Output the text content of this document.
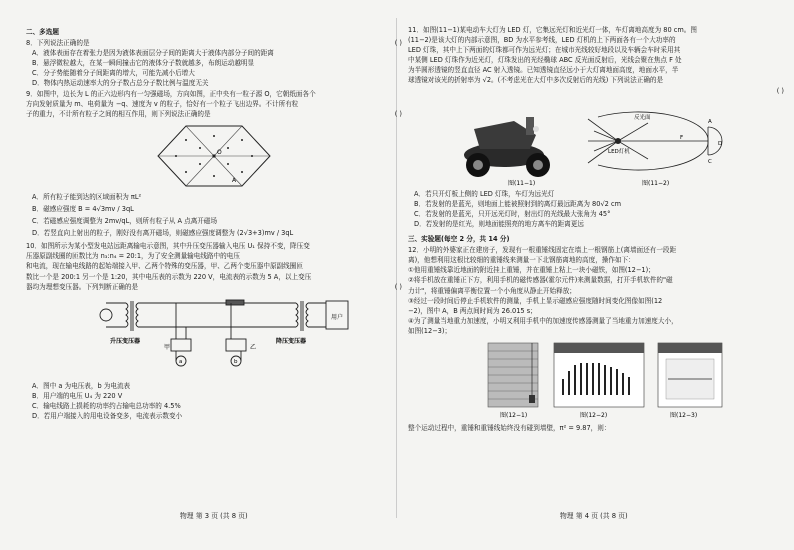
二、多选题
8．下列说法正确的是	( )
A．液体表面存在着张力是因为液体表面层分子间的距离大于液体内部分子间的距离
B．悬浮微粒越大，在某一瞬间撞击它的液体分子数就越多，布朗运动越明显
C．分子势能随着分子间距离的增大，可能先减小后增大
D．物体内热运动速率大的分子数占总分子数比例与温度无关
9．如图中，边长为 L 的正六边形内有一匀强磁场，方向如图，正中央有一粒子源 O，它朝纸面各个
方向发射质量为 m、电荷量为 −q、速度为 v 的粒子，恰好有一个粒子飞出边界。不计所有粒
子的重力，不计所有粒子之间的相互作用，则下列说法正确的是	( )
O
A
A．所有粒子能到达的区域面积为 πL²
B．磁感应强度 B = 4√3mv / 3qL
C．若磁感应强度调整为 2mv/qL，则所有粒子从 A 点离开磁场
D．若竖直向上射出的粒子，刚好没有离开磁场，则磁感应强度调整为 (2√3+3)mv / 3qL
10．如图所示为某小型发电站远距离输电示意图，其中升压变压器输入电压 U₁ 保持不变，降压变
压器原副线圈的匝数比为 n₃:n₄ = 20:1，为了安全测量输电线路中的电压
和电流，现在输电线路的起始端接入甲、乙两个特殊的变压器，甲、乙两个变压器中原副线圈匝
数比一个是 200:1 另一个是 1:20，其中电压表的示数为 220 V，电流表的示数为 5 A，以上变压
器均为理想变压器。下列判断正确的是	( )
a	b
用户
升压变压器	降压变压器
甲	乙
A．图中 a 为电压表，b 为电流表
B．用户端的电压 U₄ 为 220 V
C．输电线路上损耗的功率约占输电总功率的 4.5%
D．若用户端接入的用电设备变多，电流表示数变小
物理 第 3 页 (共 8 页)
11．如图(11−1)某电动车大灯为 LED 灯，它集远光灯和近光灯一体，车灯离地高度为 80 cm。图
(11−2)是该大灯的内部示意图，BD 为水平参考线，LED 灯机的上下两面各有一个大功率的
LED 灯珠，其中上下两面的灯珠都可作为远光灯；在城市光线较好地段以及车辆会车时采用其
中某侧 LED 灯珠作为近光灯，灯珠发出的光经椭球 ABC 反光面反射后，光线会聚在焦点 F 处
为半圆形透镜的竖直直径 AC 射入透镜。已知透镜直径远小于大灯离地面高度，地面水平，半
球透镜对该光的折射率为 √2。(不考虑光在大灯中多次反射后的光线) 下列说法正确的是
( )
图(11−1)
反光面
LED灯机
D
F
A
C
图(11−2)
A．若只开灯板上侧的 LED 灯珠，车灯为远光灯
B．若发射的是蓝光，则地面上能被照射到的离灯最远距离为 80√2 cm
C．若发射的是蓝光，只开远光灯时，射出灯的光线最大张角为 45°
D．若发射的是红光，则地面能照亮的地方离车的距离更远
三、实验题(每空 2 分，共 14 分)
12．小明的外婆家正在建房子，发现有一根重锤线固定在墙上一根钢筋上(离墙面还有一段距
离)，他想利用这根比较细的重锤线来测量一下北钢筋离地的高度，操作如下：
①他用重锤线靠近地面的附近挂上重锤，并在重锤上粘上一块小磁铁，如图(12−1)；
②将手机放在重锤正下方，利用手机的磁传感器(霍尔元件)来测量数据，打开手机软件的"磁
力计"，将重锤偏离平衡位置一个小角度从静止开始释放；
③经过一段时间后停止手机软件的测量，手机上显示磁感应强度随时间变化图像如图(12
−2)，图中 A，B 两点间时间为 26.015 s；
④为了测量当地重力加速度，小明又利用手机中的加速度传感器测量了当地重力加速度大小，
如图(12−3)；
图(12−1)	图(12−2)	图(12−3)
整个运动过程中，重锤和重锤线始终没有碰到墙壁，π² = 9.87，则：
物理 第 4 页 (共 8 页)
